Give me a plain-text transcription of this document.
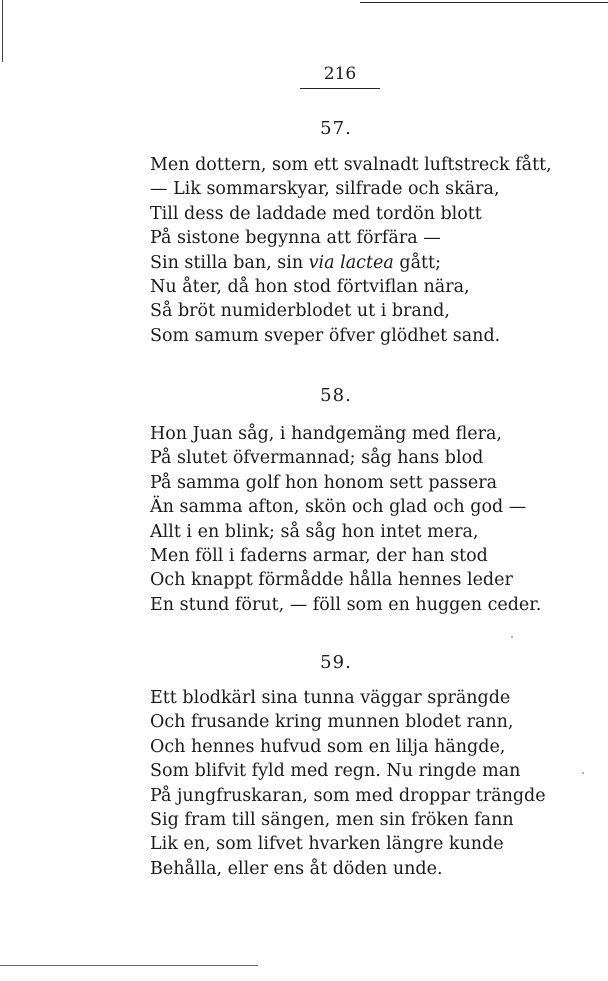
216
57.
Men dottern, som ett svalnadt luftstreck fått,
— Lik sommarskyar, silfrade och skära,
Till dess de laddade med tordön blott
På sistone begynna att förfära —
Sin stilla ban, sin via lactea gått;
Nu åter, då hon stod förtviflan nära,
Så bröt numiderblodet ut i brand,
Som samum sveper öfver glödhet sand.
58.
Hon Juan såg, i handgemäng med flera,
På slutet öfvermannad; såg hans blod
På samma golf hon honom sett passera
Än samma afton, skön och glad och god —
Allt i en blink; så såg hon intet mera,
Men föll i faderns armar, der han stod
Och knappt förmådde hålla hennes leder
En stund förut, — föll som en huggen ceder.
59.
Ett blodkärl sina tunna väggar sprängde
Och frusande kring munnen blodet rann,
Och hennes hufvud som en lilja hängde,
Som blifvit fyld med regn. Nu ringde man
På jungfruskaran, som med droppar trängde
Sig fram till sängen, men sin fröken fann
Lik en, som lifvet hvarken längre kunde
Behålla, eller ens åt döden unde.
